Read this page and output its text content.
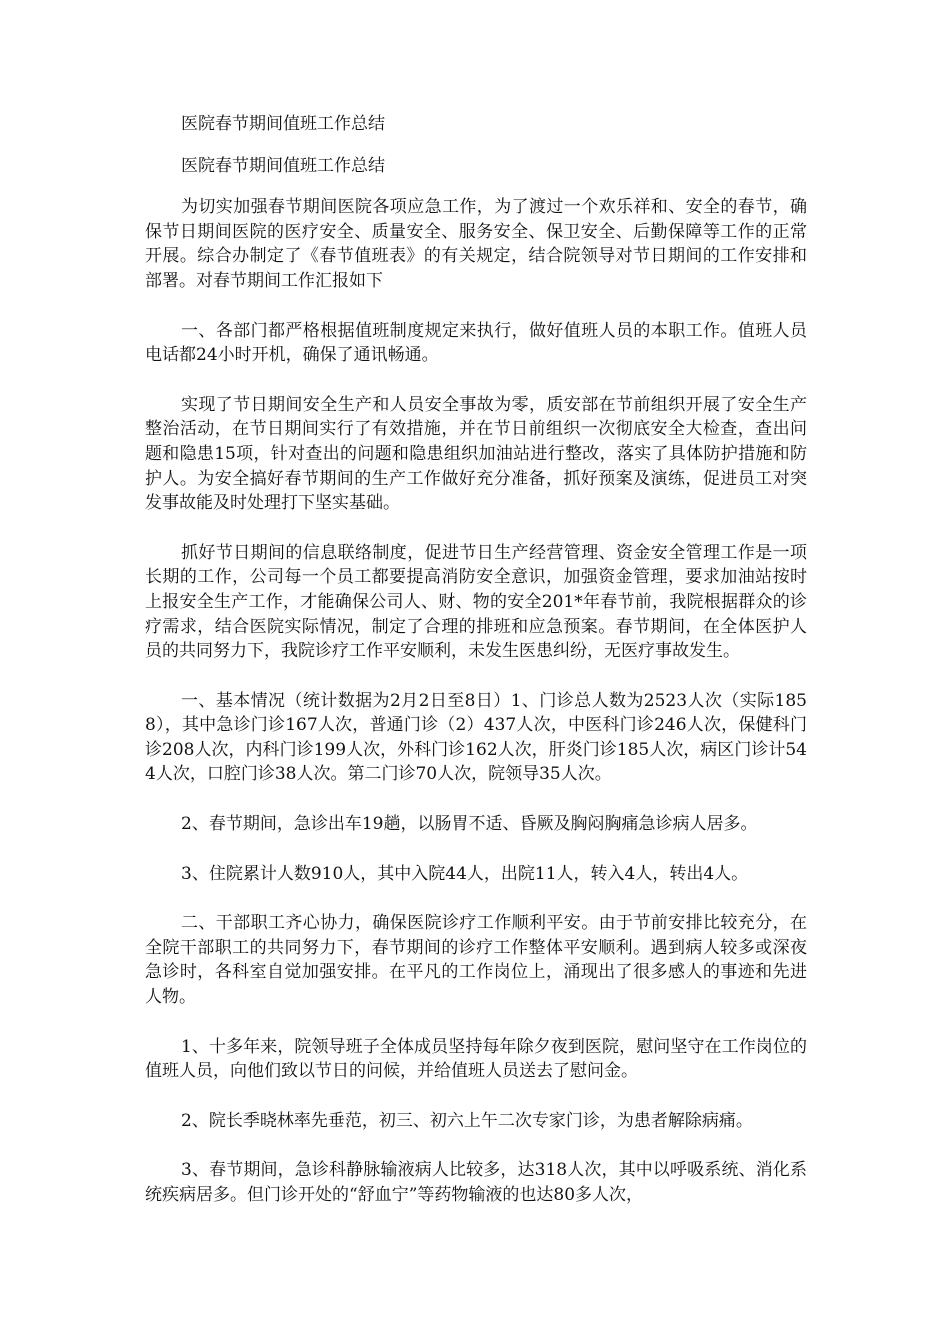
医院春节期间值班工作总结

医院春节期间值班工作总结

为切实加强春节期间医院各项应急工作，为了渡过一个欢乐祥和、安全的春节，确保节日期间医院的医疗安全、质量安全、服务安全、保卫安全、后勤保障等工作的正常开展。综合办制定了《春节值班表》的有关规定，结合院领导对节日期间的工作安排和部署。对春节期间工作汇报如下

一、各部门都严格根据值班制度规定来执行，做好值班人员的本职工作。值班人员电话都24小时开机，确保了通讯畅通。

实现了节日期间安全生产和人员安全事故为零，质安部在节前组织开展了安全生产整治活动，在节日期间实行了有效措施，并在节日前组织一次彻底安全大检查，查出问题和隐患15项，针对查出的问题和隐患组织加油站进行整改，落实了具体防护措施和防护人。为安全搞好春节期间的生产工作做好充分准备，抓好预案及演练，促进员工对突发事故能及时处理打下坚实基础。

抓好节日期间的信息联络制度，促进节日生产经营管理、资金安全管理工作是一项长期的工作，公司每一个员工都要提高消防安全意识，加强资金管理，要求加油站按时上报安全生产工作，才能确保公司人、财、物的安全201*年春节前，我院根据群众的诊疗需求，结合医院实际情况，制定了合理的排班和应急预案。春节期间，在全体医护人员的共同努力下，我院诊疗工作平安顺利，未发生医患纠纷，无医疗事故发生。

一、基本情况（统计数据为2月2日至8日）1、门诊总人数为2523人次（实际1858），其中急诊门诊167人次，普通门诊（2）437人次，中医科门诊246人次，保健科门诊208人次，内科门诊199人次，外科门诊162人次，肝炎门诊185人次，病区门诊计544人次，口腔门诊38人次。第二门诊70人次，院领导35人次。

2、春节期间，急诊出车19趟，以肠胃不适、昏厥及胸闷胸痛急诊病人居多。

3、住院累计人数910人，其中入院44人，出院11人，转入4人，转出4人。

二、干部职工齐心协力，确保医院诊疗工作顺利平安。由于节前安排比较充分，在全院干部职工的共同努力下，春节期间的诊疗工作整体平安顺利。遇到病人较多或深夜急诊时，各科室自觉加强安排。在平凡的工作岗位上，涌现出了很多感人的事迹和先进人物。

1、十多年来，院领导班子全体成员坚持每年除夕夜到医院，慰问坚守在工作岗位的值班人员，向他们致以节日的问候，并给值班人员送去了慰问金。

2、院长季晓林率先垂范，初三、初六上午二次专家门诊，为患者解除病痛。

3、春节期间，急诊科静脉输液病人比较多，达318人次，其中以呼吸系统、消化系统疾病居多。但门诊开处的“舒血宁”等药物输液的也达80多人次，
